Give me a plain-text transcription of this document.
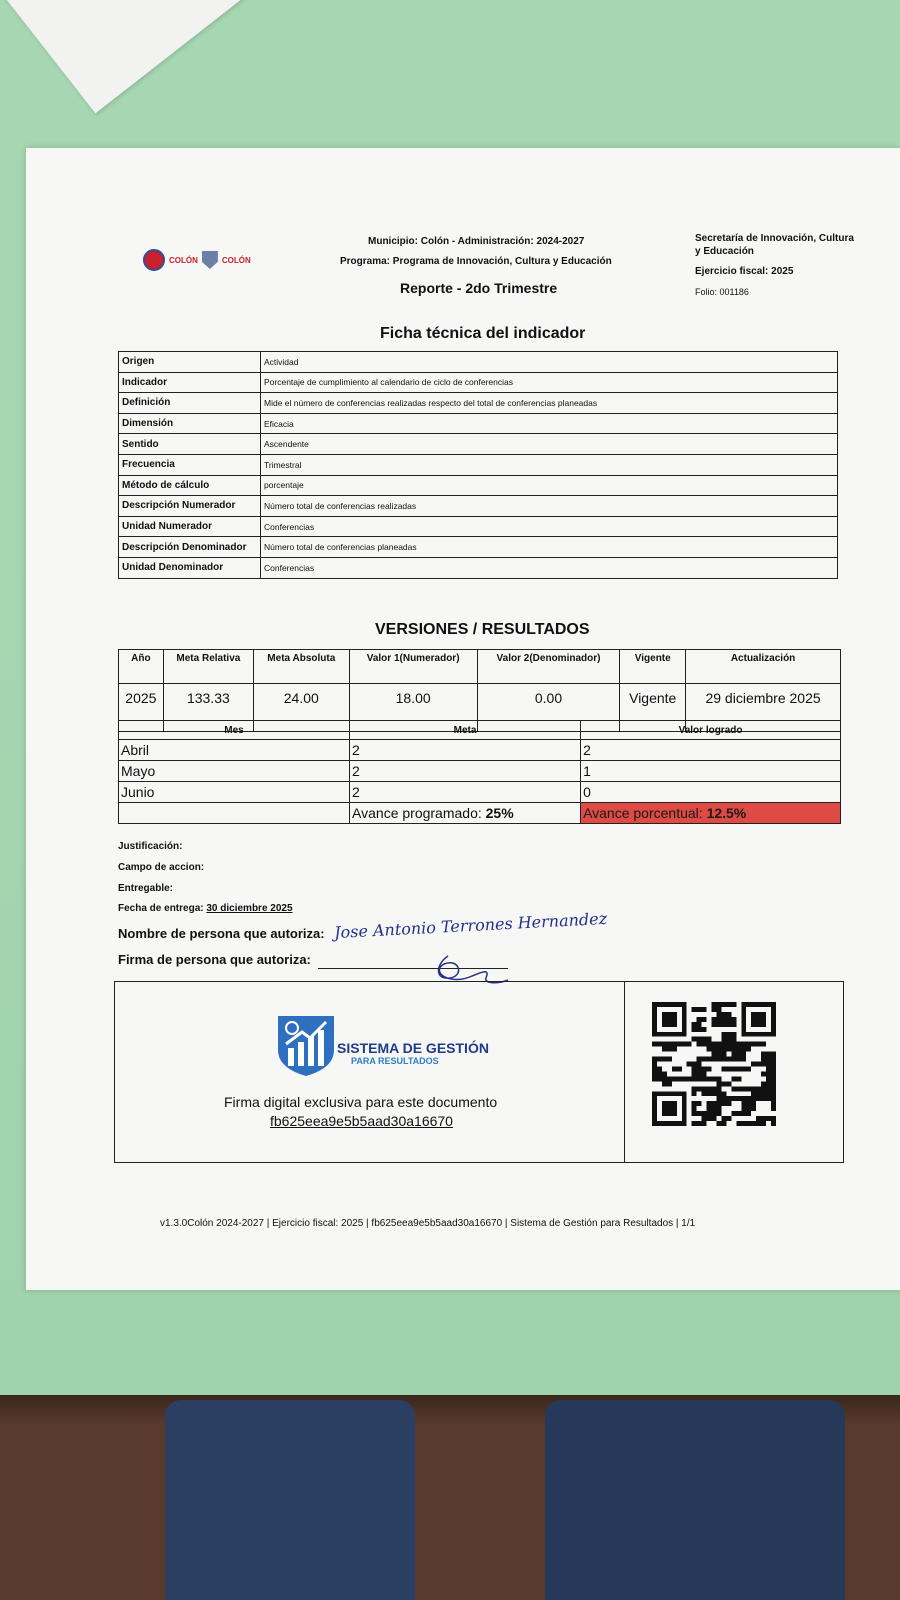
COLÓN	COLÓN
Municipio: Colón - Administración: 2024-2027
Programa: Programa de Innovación, Cultura y Educación
Reporte - 2do Trimestre
Secretaría de Innovación, Cultura y Educación
Ejercicio fiscal: 2025
Folio: 001186
Ficha técnica del indicador
Origen	Actividad
Indicador	Porcentaje de cumplimiento al calendario de ciclo de conferencias
Definición	Mide el número de conferencias realizadas respecto del total de conferencias planeadas
Dimensión	Eficacia
Sentido	Ascendente
Frecuencia	Trimestral
Método de cálculo	porcentaje
Descripción Numerador	Número total de conferencias realizadas
Unidad Numerador	Conferencias
Descripción Denominador	Número total de conferencias planeadas
Unidad Denominador	Conferencias
VERSIONES / RESULTADOS
Año	Meta Relativa	Meta Absoluta	Valor 1(Numerador)	Valor 2(Denominador)	Vigente	Actualización
2025	133.33	24.00	18.00	0.00	Vigente	29 diciembre 2025
Mes	Meta	Valor logrado
Abril	2	2
Mayo	2	1
Junio	2	0
	Avance programado: 25%	Avance porcentual: 12.5%
Justificación:
Campo de accion:
Entregable:
Fecha de entrega: 30 diciembre 2025
Nombre de persona que autoriza: Jose Antonio Terrones Hernandez
Firma de persona que autoriza:
SISTEMA DE GESTIÓN
PARA RESULTADOS
Firma digital exclusiva para este documento
fb625eea9e5b5aad30a16670
v1.3.0Colón 2024-2027 | Ejercicio fiscal: 2025 | fb625eea9e5b5aad30a16670 | Sistema de Gestión para Resultados | 1/1
